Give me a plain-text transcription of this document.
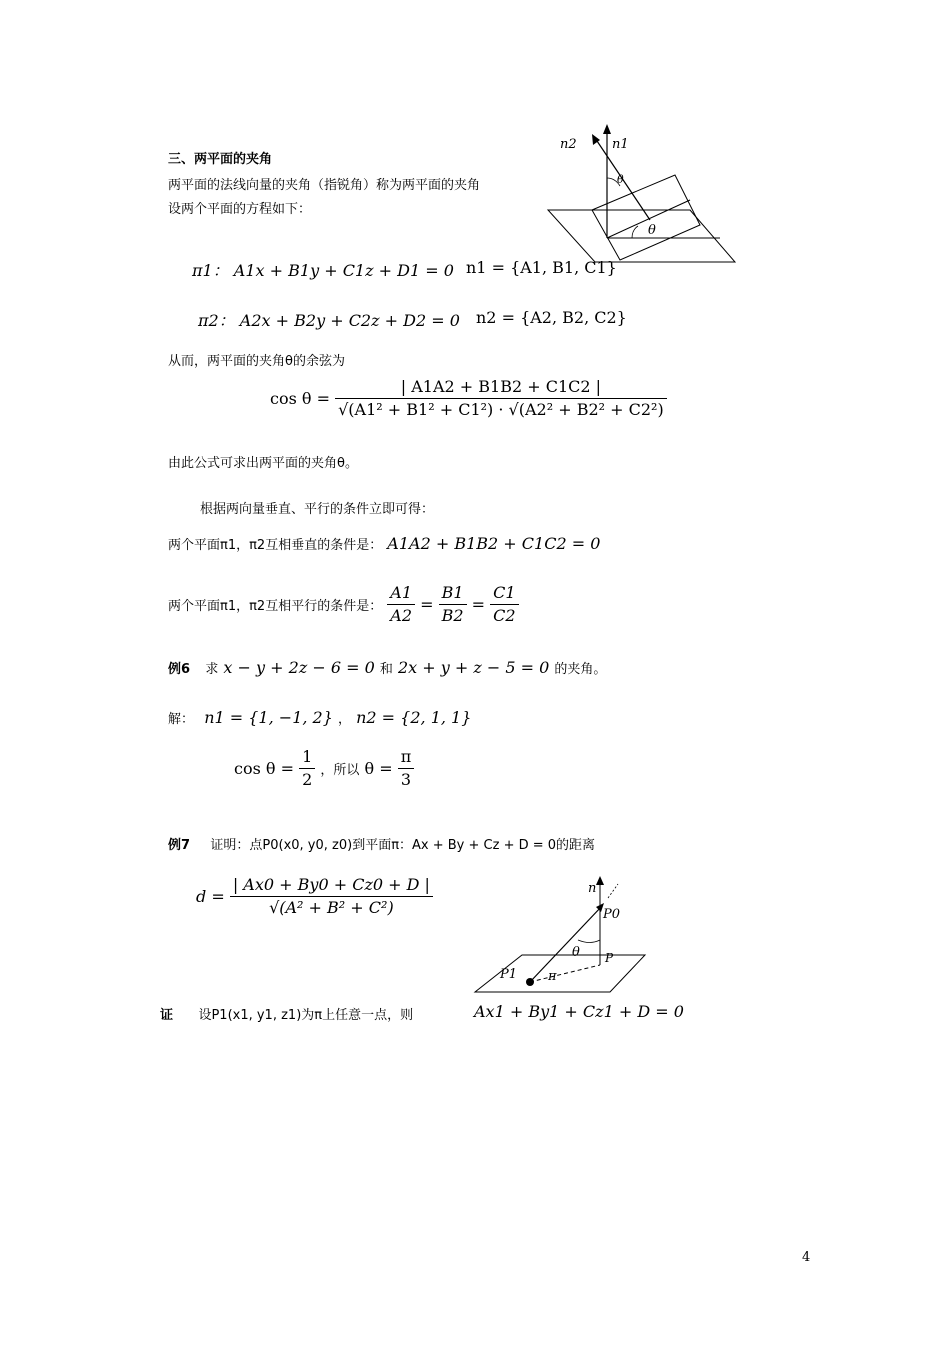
三、两平面的夹角
两平面的法线向量的夹角（指锐角）称为两平面的夹角
设两个平面的方程如下：
n2	n1
θ
θ
π1： A1x + B1y + C1z + D1 = 0 n1 = {A1, B1, C1}
π2： A2x + B2y + C2z + D2 = 0 n2 = {A2, B2, C2}
从而，两平面的夹角θ的余弦为
$\cos \theta = \frac{| A1A2 + B1B2 + C1C2 |}{\text{√(A1² + B1² + C1²) · √(A2² + B2² + C2²)}}$
由此公式可求出两平面的夹角θ。
根据两向量垂直、平行的条件立即可得：
两个平面π1，π2互相垂直的条件是： A1A2 + B1B2 + C1C2 = 0
两个平面π1，π2互相平行的条件是： $\frac{A1}{A2} = \frac{B1}{B2} = \frac{C1}{C2}$
例6 求 x − y + 2z − 6 = 0 和 2x + y + z − 5 = 0 的夹角。
解： n1 = {1, −1, 2} ， n2 = {2, 1, 1}
$\cos \theta = \frac{1}{2}$ ，所以 $\theta = \frac{\pi}{3}$
例7 证明：点P0(x0, y0, z0)到平面π：Ax + By + Cz + D = 0的距离
$d = \frac{| Ax0 + By0 + Cz0 + D |}{\text{√(A² + B² + C²)}}$	n
P0
θ P
P1 π
证 设P1(x1, y1, z1)为π上任意一点，则	Ax1 + By1 + Cz1 + D = 0
4
